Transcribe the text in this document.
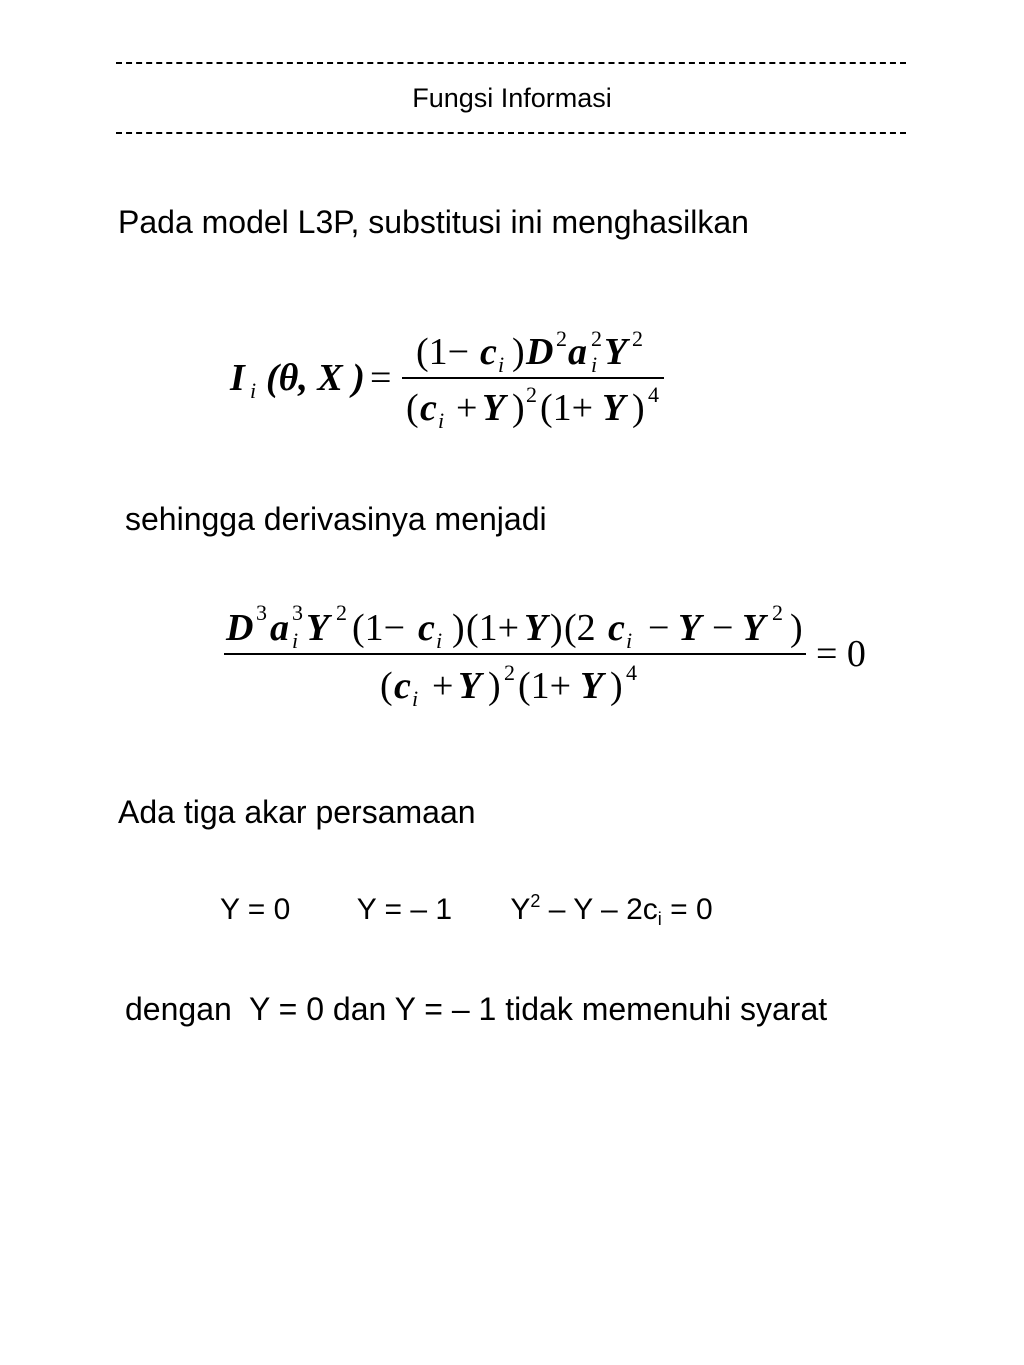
Fungsi Informasi
Pada model L3P, substitusi ini menghasilkan
I i (θ, X ) =
(1− c i ) D 2 a 2
i Y 2
( c i + Y ) 2 (1+ Y ) 4
sehingga derivasinya menjadi
D 3 a 3
i Y 2 (1− c i ) (1+ Y ) (2 c i − Y − Y 2 )
( c i + Y ) 2 (1+ Y ) 4	= 0
Ada tiga akar persamaan
Y = 0 Y = – 1 $Y^2 - Y - 2c_i = 0$
dengan  Y = 0 dan Y = – 1 tidak memenuhi syarat
